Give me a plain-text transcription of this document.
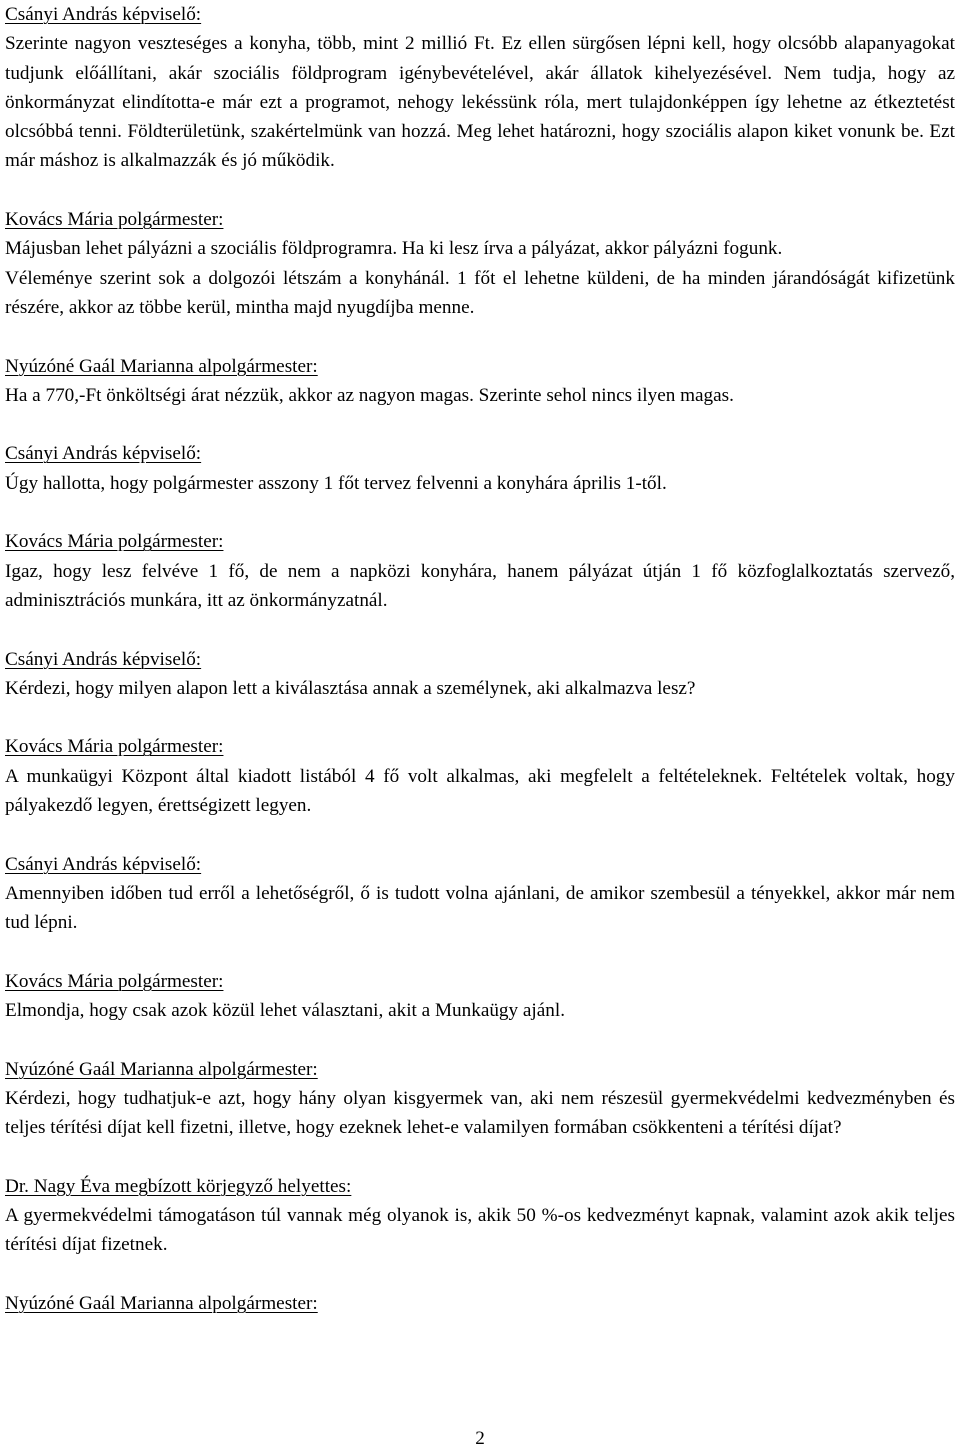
Csányi András képviselő:

Szerinte nagyon veszteséges a konyha, több, mint 2 millió Ft. Ez ellen sürgősen lépni kell, hogy olcsóbb alapanyagokat tudjunk előállítani, akár szociális földprogram igénybevételével, akár állatok kihelyezésével. Nem tudja, hogy az önkormányzat elindította-e már ezt a programot, nehogy lekéssünk róla, mert tulajdonképpen így lehetne az étkeztetést olcsóbbá tenni. Földterületünk, szakértelmünk van hozzá. Meg lehet határozni, hogy szociális alapon kiket vonunk be. Ezt már máshoz is alkalmazzák és jó működik.

Kovács Mária polgármester:

Májusban lehet pályázni a szociális földprogramra. Ha ki lesz írva a pályázat, akkor pályázni fogunk.

Véleménye szerint sok a dolgozói létszám a konyhánál. 1 főt el lehetne küldeni, de ha minden járandóságát kifizetünk részére, akkor az többe kerül, mintha majd nyugdíjba menne.

Nyúzóné Gaál Marianna alpolgármester:

Ha a 770,-Ft önköltségi árat nézzük, akkor az nagyon magas. Szerinte sehol nincs ilyen magas.

Csányi András képviselő:

Úgy hallotta, hogy polgármester asszony 1 főt tervez felvenni a konyhára április 1-től.

Kovács Mária polgármester:

Igaz, hogy lesz felvéve 1 fő, de nem a napközi konyhára, hanem pályázat útján 1 fő közfoglalkoztatás szervező, adminisztrációs munkára, itt az önkormányzatnál.

Csányi András képviselő:

Kérdezi, hogy milyen alapon lett a kiválasztása annak a személynek, aki alkalmazva lesz?

Kovács Mária polgármester:

A munkaügyi Központ által kiadott listából 4 fő volt alkalmas, aki megfelelt a feltételeknek. Feltételek voltak, hogy pályakezdő legyen, érettségizett legyen.

Csányi András képviselő:

Amennyiben időben tud erről a lehetőségről, ő is tudott volna ajánlani, de amikor szembesül a tényekkel, akkor már nem tud lépni.

Kovács Mária polgármester:

Elmondja, hogy csak azok közül lehet választani, akit a Munkaügy ajánl.

Nyúzóné Gaál Marianna alpolgármester:

Kérdezi, hogy tudhatjuk-e azt, hogy hány olyan kisgyermek van, aki nem részesül gyermekvédelmi kedvezményben és teljes térítési díjat kell fizetni, illetve, hogy ezeknek lehet-e valamilyen formában csökkenteni a térítési díjat?

Dr. Nagy Éva megbízott körjegyző helyettes:

A gyermekvédelmi támogatáson túl vannak még olyanok is, akik 50 %-os kedvezményt kapnak, valamint azok akik teljes térítési díjat fizetnek.

Nyúzóné Gaál Marianna alpolgármester:

2
